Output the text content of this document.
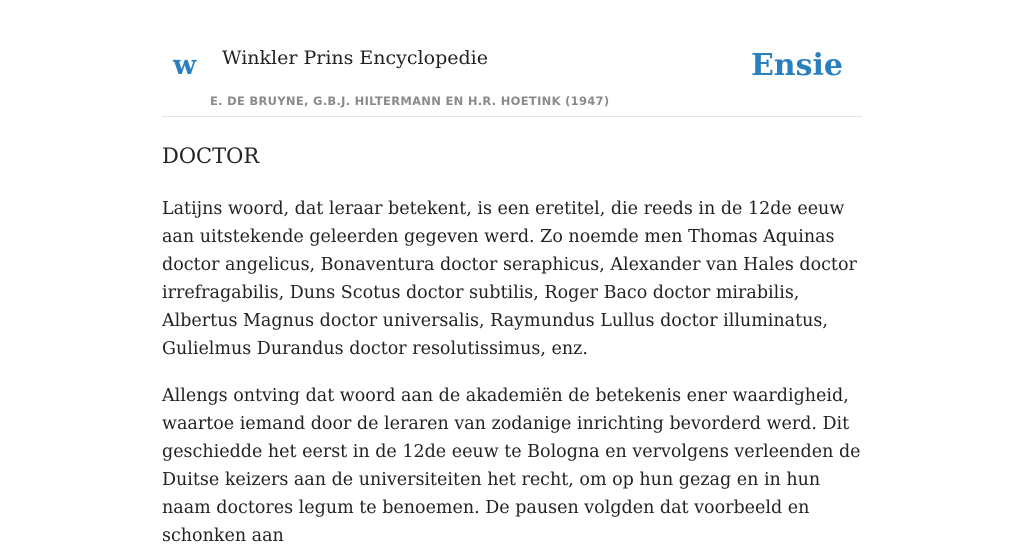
w Winkler Prins Encyclopedie
E. DE BRUYNE, G.B.J. HILTERMANN EN H.R. HOETINK (1947)
Ensie
DOCTOR

Latijns woord, dat leraar betekent, is een eretitel, die reeds in de 12de eeuw aan uitstekende geleerden gegeven werd. Zo noemde men Thomas Aquinas doctor angelicus, Bonaventura doctor seraphicus, Alexander van Hales doctor irrefragabilis, Duns Scotus doctor subtilis, Roger Baco doctor mirabilis, Albertus Magnus doctor universalis, Raymundus Lullus doctor illuminatus, Gulielmus Durandus doctor resolutissimus, enz.

Allengs ontving dat woord aan de akademiën de betekenis ener waardigheid, waartoe iemand door de leraren van zodanige inrichting bevorderd werd. Dit geschiedde het eerst in de 12de eeuw te Bologna en vervolgens verleenden de Duitse keizers aan de universiteiten het recht, om op hun gezag en in hun naam doctores legum te benoemen. De pausen volgden dat voorbeeld en schonken aan
